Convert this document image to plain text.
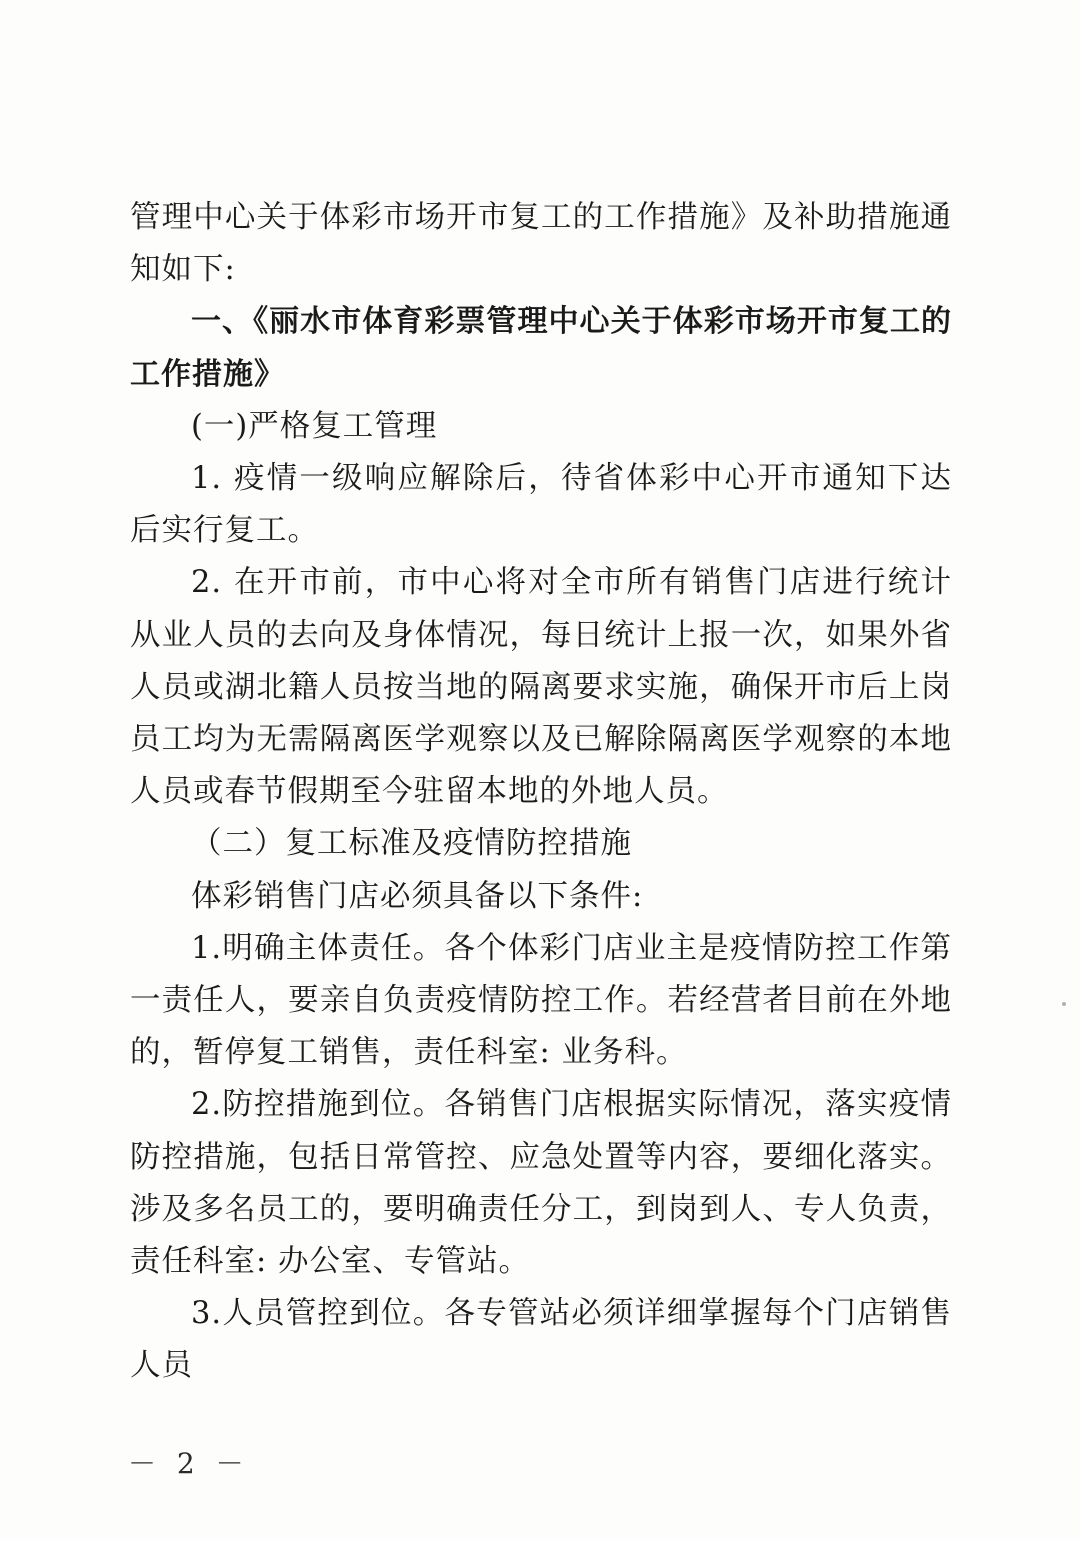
管理中心关于体彩市场开市复工的工作措施》及补助措施通知如下:

一、《丽水市体育彩票管理中心关于体彩市场开市复工的工作措施》

(一)严格复工管理

1. 疫情一级响应解除后，待省体彩中心开市通知下达后实行复工。

2. 在开市前，市中心将对全市所有销售门店进行统计从业人员的去向及身体情况，每日统计上报一次，如果外省人员或湖北籍人员按当地的隔离要求实施，确保开市后上岗员工均为无需隔离医学观察以及已解除隔离医学观察的本地人员或春节假期至今驻留本地的外地人员。

（二）复工标准及疫情防控措施

体彩销售门店必须具备以下条件:

1.明确主体责任。各个体彩门店业主是疫情防控工作第一责任人，要亲自负责疫情防控工作。若经营者目前在外地的，暂停复工销售，责任科室: 业务科。

2.防控措施到位。各销售门店根据实际情况，落实疫情防控措施，包括日常管控、应急处置等内容，要细化落实。涉及多名员工的，要明确责任分工，到岗到人、专人负责，责任科室: 办公室、专管站。

3.人员管控到位。各专管站必须详细掌握每个门店销售人员

－ 2 －
